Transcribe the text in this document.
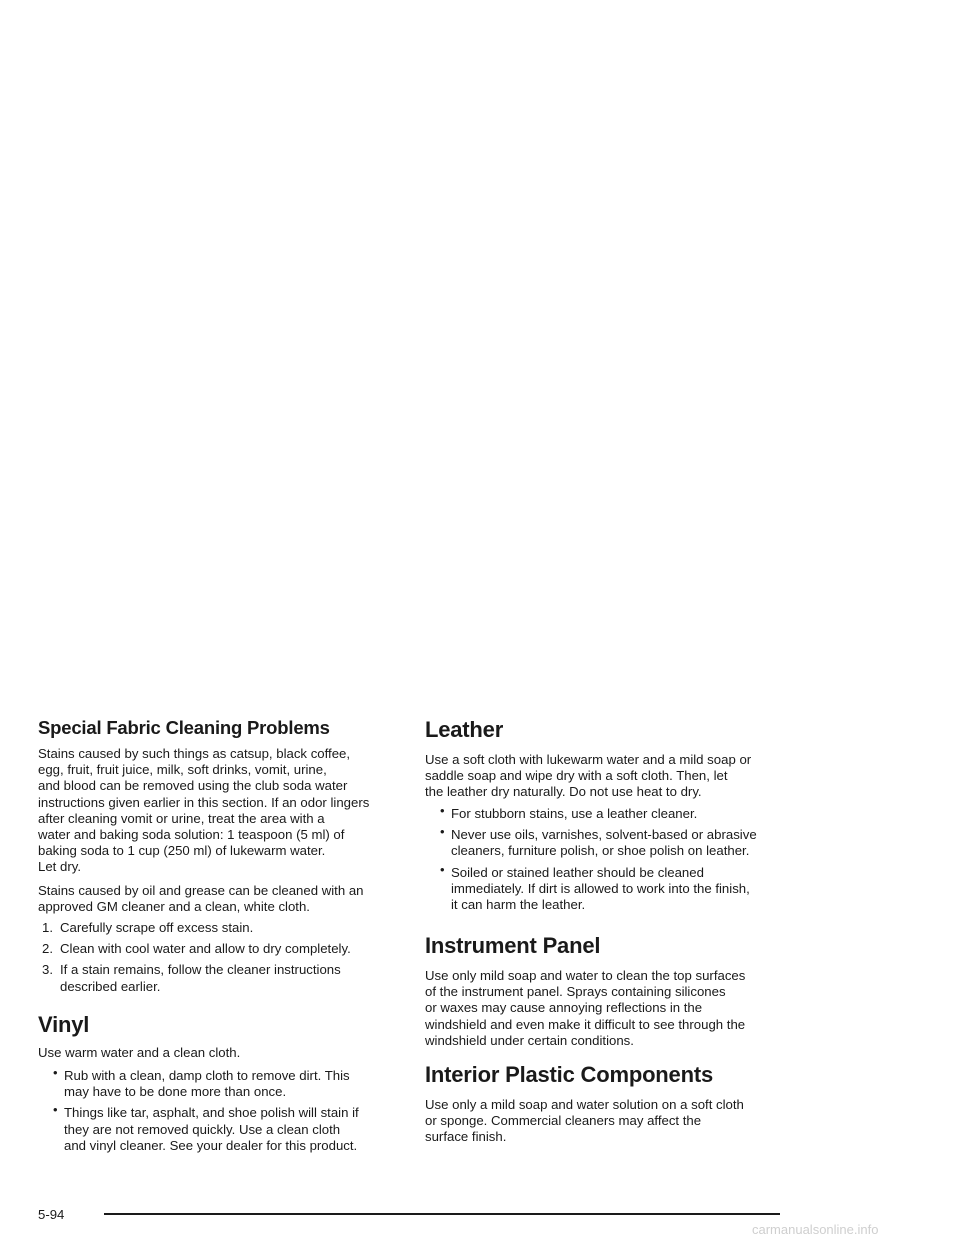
Special Fabric Cleaning Problems

Stains caused by such things as catsup, black coffee,
egg, fruit, fruit juice, milk, soft drinks, vomit, urine,
and blood can be removed using the club soda water
instructions given earlier in this section. If an odor lingers
after cleaning vomit or urine, treat the area with a
water and baking soda solution: 1 teaspoon (5 ml) of
baking soda to 1 cup (250 ml) of lukewarm water.
Let dry.

Stains caused by oil and grease can be cleaned with an
approved GM cleaner and a clean, white cloth.

1. Carefully scrape off excess stain.
2. Clean with cool water and allow to dry completely.
3. If a stain remains, follow the cleaner instructions
described earlier.
Vinyl

Use warm water and a clean cloth.

• Rub with a clean, damp cloth to remove dirt. This
may have to be done more than once.
• Things like tar, asphalt, and shoe polish will stain if
they are not removed quickly. Use a clean cloth
and vinyl cleaner. See your dealer for this product.
Leather

Use a soft cloth with lukewarm water and a mild soap or
saddle soap and wipe dry with a soft cloth. Then, let
the leather dry naturally. Do not use heat to dry.

• For stubborn stains, use a leather cleaner.
• Never use oils, varnishes, solvent-based or abrasive
cleaners, furniture polish, or shoe polish on leather.
• Soiled or stained leather should be cleaned
immediately. If dirt is allowed to work into the finish,
it can harm the leather.
Instrument Panel

Use only mild soap and water to clean the top surfaces
of the instrument panel. Sprays containing silicones
or waxes may cause annoying reflections in the
windshield and even make it difficult to see through the
windshield under certain conditions.

Interior Plastic Components

Use only a mild soap and water solution on a soft cloth
or sponge. Commercial cleaners may affect the
surface finish.

5-94
carmanualsonline.info
